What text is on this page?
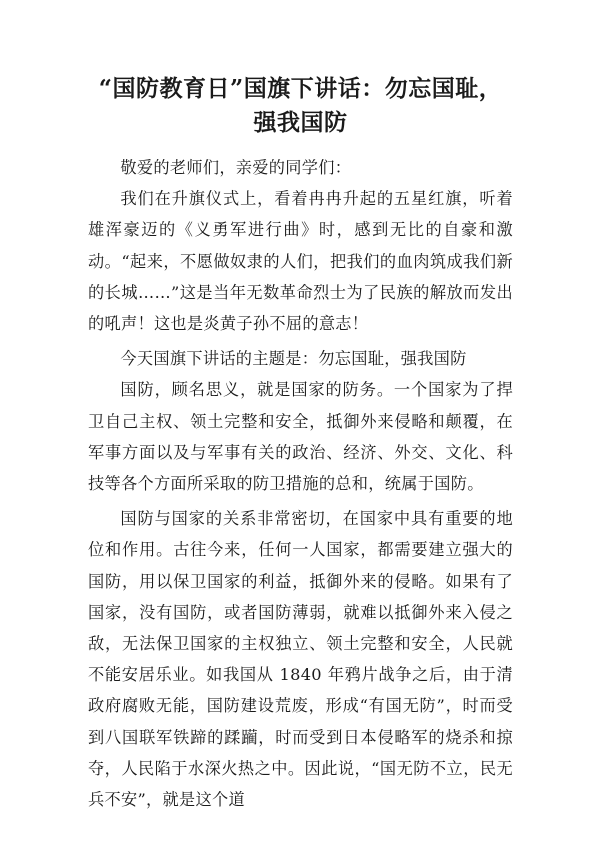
“国防教育日”国旗下讲话：勿忘国耻，强我国防

敬爱的老师们，亲爱的同学们：

我们在升旗仪式上，看着冉冉升起的五星红旗，听着雄浑豪迈的《义勇军进行曲》时，感到无比的自豪和激动。“起来，不愿做奴隶的人们，把我们的血肉筑成我们新的长城……”这是当年无数革命烈士为了民族的解放而发出的吼声！这也是炎黄子孙不屈的意志！

今天国旗下讲话的主题是：勿忘国耻，强我国防

国防，顾名思义，就是国家的防务。一个国家为了捍卫自己主权、领土完整和安全，抵御外来侵略和颠覆，在军事方面以及与军事有关的政治、经济、外交、文化、科技等各个方面所采取的防卫措施的总和，统属于国防。

国防与国家的关系非常密切，在国家中具有重要的地位和作用。古往今来，任何一人国家，都需要建立强大的国防，用以保卫国家的利益，抵御外来的侵略。如果有了国家，没有国防，或者国防薄弱，就难以抵御外来入侵之敌，无法保卫国家的主权独立、领土完整和安全，人民就不能安居乐业。如我国从 1840 年鸦片战争之后，由于清政府腐败无能，国防建设荒废，形成“有国无防”，时而受到八国联军铁蹄的蹂躏，时而受到日本侵略军的烧杀和掠夺，人民陷于水深火热之中。因此说，“国无防不立，民无兵不安”，就是这个道
